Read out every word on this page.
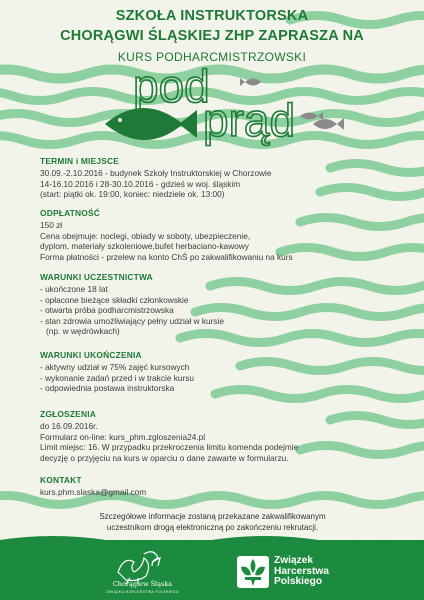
SZKOŁA INSTRUKTORSKA
CHORĄGWI ŚLĄSKIEJ ZHP ZAPRASZA NA
KURS PODHARCMISTRZOWSKI
pod
prąd
TERMIN i MIEJSCE
30.09.-2.10.2016 - budynek Szkoły Instruktorskiej w Chorzowie
14-16.10.2016 i 28-30.10.2016 - gdzieś w woj. śląskim
(start: piątki ok. 19:00, koniec: niedziele ok. 13:00)
ODPŁATNOŚĆ
150 zł
Cena obejmuje: noclegi, obiady w soboty, ubezpieczenie,
dyplom, materiały szkoleniowe,bufet herbaciano-kawowy
Forma płatności - przelew na konto ChŚ po zakwalifikowaniu na kurs
WARUNKI UCZESTNICTWA
- ukończone 18 lat
- opłacone bieżące składki członkowskie
- otwarta próba podharcmistrzowska
- stan zdrowia umożliwiający pełny udział w kursie
(np. w wędrówkach)
WARUNKI UKOŃCZENIA
- aktywny udział w 75% zajęć kursowych
- wykonanie zadań przed i w trakcie kursu
- odpowiednia postawa instruktorska
ZGŁOSZENIA
do 16.09.2016r.
Formularz on-line: kurs_phm.zgloszenia24.pl
Limit miejsc: 16. W przypadku przekroczenia limitu komenda podejmie
decyzję o przyjęciu na kurs w oparciu o dane zawarte w formularzu.
KONTAKT
kurs.phm.slaska@gmail.com
Szczegółowe informacje zostaną przekazane zakwalifikowanym
uczestnikom drogą elektroniczną po zakończeniu rekrutacji.
Chorągiew Śląska
ZWIĄZKU HARCERSTWA POLSKIEGO
Związek
Harcerstwa
Polskiego
